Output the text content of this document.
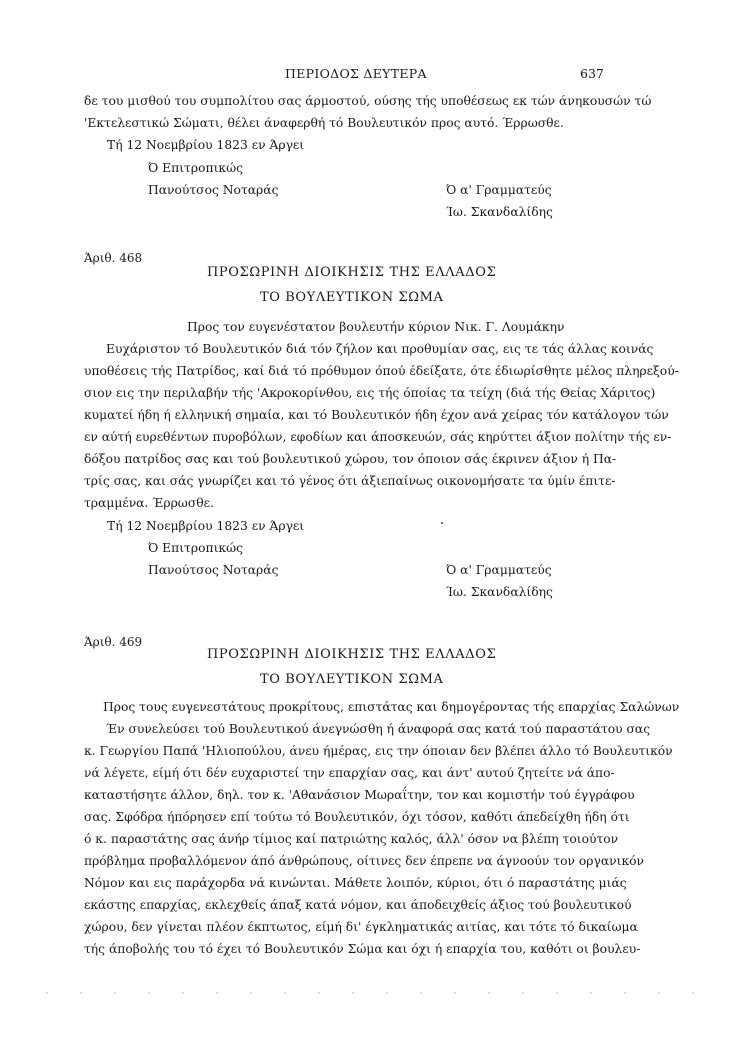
ΠΕΡΙΟΔΟΣ ΔΕΥΤΕΡΑ	637
δε του μισθού του συμπολίτου σας άρμοστού, ούσης τής υποθέσεως εκ τών άνηκουσών τώ
'Εκτελεστικώ Σώματι, θέλει άναφερθή τό Βουλευτικόν προς αυτό. Έρρωσθε.
Τή 12 Νοεμβρίου 1823 εν Άργει
Ό Επιτροπικώς
Πανούτσος Νοταράς	Ό α' Γραμματεύς
Ίω. Σκανδαλίδης
Άριθ. 468
ΠΡΟΣΩΡΙΝΗ ΔΙΟΙΚΗΣΙΣ ΤΗΣ ΕΛΛΑΔΟΣ
ΤΟ ΒΟΥΛΕΥΤΙΚΟΝ ΣΩΜΑ
Προς τον ευγενέστατον βουλευτήν κύριον Νικ. Γ. Λουμάκην
Ευχάριστον τό Βουλευτικόν διά τόν ζήλον και προθυμίαν σας, εις τε τάς άλλας κοινάς
υποθέσεις τής Πατρίδος, καί διά τό πρόθυμον όπού έδείξατε, ότε έδιωρίσθητε μέλος πληρεξού-
σιον εις την περιλαβήν τής 'Ακροκορίνθου, εις τής όποίας τα τείχη (διά τής Θείας Χάριτος)
κυματεί ήδη ή ελληνική σημαία, και τό Βουλευτικόν ήδη έχον ανά χείρας τόν κατάλογον τών
εν αύτή ευρεθέντων πυροβόλων, εφοδίων και άποσκευών, σάς κηρύττει άξιον πολίτην τής εν-
δόξου πατρίδος σας και τού βουλευτικού χώρου, τον όποιον σάς έκρινεν άξιον ή Πα-
τρίς σας, και σάς γνωρίζει και τό γένος ότι άξιεπαίνως οικονομήσατε τα ύμίν έπιτε-
τραμμένα. Έρρωσθε.
Τή 12 Νοεμβρίου 1823 εν Άργει
Ό Επιτροπικώς
Πανούτσος Νοταράς	Ό α' Γραμματεύς
Ίω. Σκανδαλίδης
Άριθ. 469
ΠΡΟΣΩΡΙΝΗ ΔΙΟΙΚΗΣΙΣ ΤΗΣ ΕΛΛΑΔΟΣ
ΤΟ ΒΟΥΛΕΥΤΙΚΟΝ ΣΩΜΑ
Προς τους ευγενεστάτους προκρίτους, επιστάτας και δημογέροντας τής επαρχίας Σαλώνων
Έν συνελεύσει τού Βουλευτικού άνεγνώσθη ή άναφορά σας κατά τού παραστάτου σας
κ. Γεωργίου Παπά 'Ηλιοπούλου, άνευ ήμέρας, εις την όποιαν δεν βλέπει άλλο τό Βουλευτικόν
νά λέγετε, είμή ότι δέν ευχαριστεί την επαρχίαν σας, και άντ' αυτού ζητείτε νά άπο-
καταστήσητε άλλον, δηλ. τον κ. 'Αθανάσιον Μωραΐτην, τον και κομιστήν τού έγγράφου
σας. Σφόδρα ήπόρησεν επί τούτω τό Βουλευτικόν, όχι τόσον, καθότι άπεδείχθη ήδη ότι
ό κ. παραστάτης σας άνήρ τίμιος καί πατριώτης καλός, άλλ' όσον να βλέπη τοιούτον
πρόβλημα προβαλλόμενον άπό άνθρώπους, οίτινες δεν έπρεπε να άγνοούν τον οργανικόν
Νόμον και εις παράχορδα νά κινώνται. Μάθετε λοιπόν, κύριοι, ότι ό παραστάτης μιάς
εκάστης επαρχίας, εκλεχθείς άπαξ κατά νόμον, και άποδειχθείς άξιος τού βουλευτικού
χώρου, δεν γίνεται πλέον έκπτωτος, είμή δι' έγκληματικάς αιτίας, και τότε τό δικαίωμα
τής άποβολής του τό έχει τό Βουλευτικόν Σώμα και όχι ή επαρχία του, καθότι οι βουλευ-
